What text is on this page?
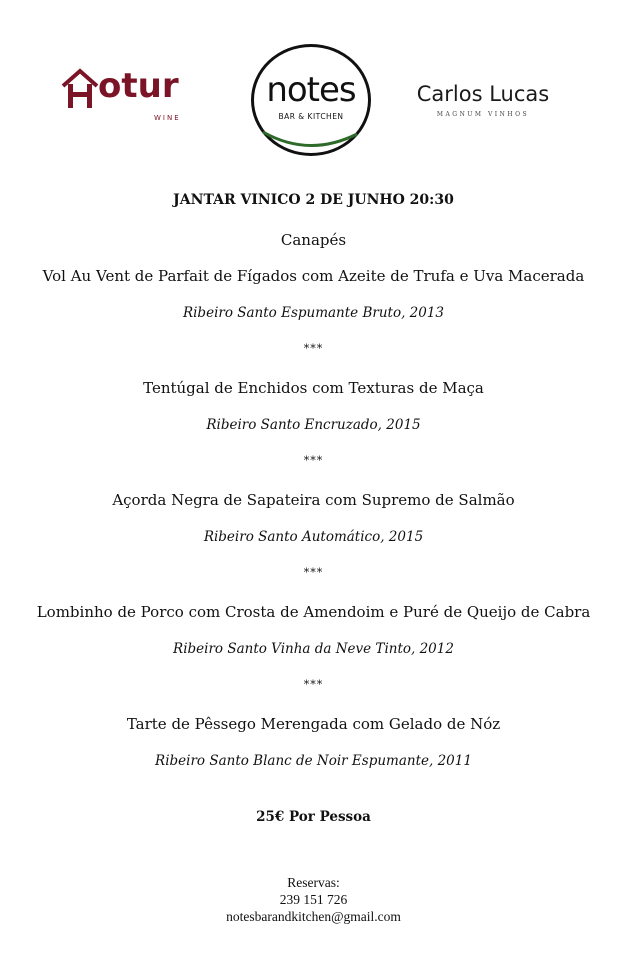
otur
WINE
notes
BAR & KITCHEN
Carlos Lucas
MAGNUM VINHOS
JANTAR VINICO 2 DE JUNHO 20:30
Canapés
Vol Au Vent de Parfait de Fígados com Azeite de Trufa e Uva Macerada
Ribeiro Santo Espumante Bruto, 2013
***
Tentúgal de Enchidos com Texturas de Maça
Ribeiro Santo Encruzado, 2015
***
Açorda Negra de Sapateira com Supremo de Salmão
Ribeiro Santo Automático, 2015
***
Lombinho de Porco com Crosta de Amendoim e Puré de Queijo de Cabra
Ribeiro Santo Vinha da Neve Tinto, 2012
***
Tarte de Pêssego Merengada com Gelado de Nóz
Ribeiro Santo Blanc de Noir Espumante, 2011
25€ Por Pessoa
Reservas:
239 151 726
notesbarandkitchen@gmail.com
